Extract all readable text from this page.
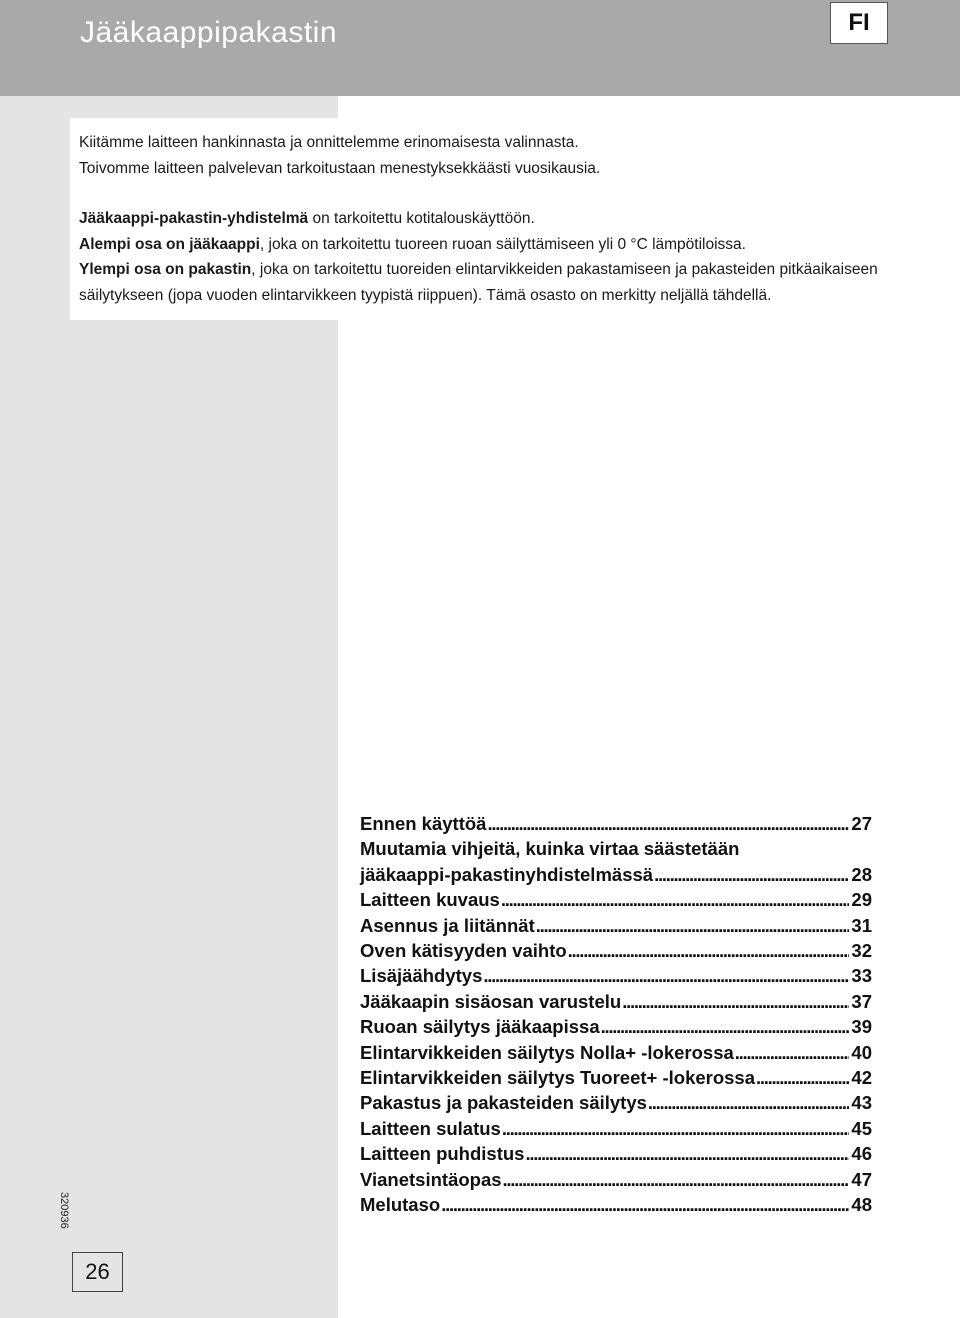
Jääkaappipakastin	FI

Kiitämme laitteen hankinnasta ja onnittelemme erinomaisesta valinnasta.

Toivomme laitteen palvelevan tarkoitustaan menestyksekkäästi vuosikausia.

Jääkaappi-pakastin-yhdistelmä on tarkoitettu kotitalouskäyttöön.

Alempi osa on jääkaappi, joka on tarkoitettu tuoreen ruoan säilyttämiseen yli 0 °C lämpötiloissa.

Ylempi osa on pakastin, joka on tarkoitettu tuoreiden elintarvikkeiden pakastamiseen ja pakasteiden pitkäaikaiseen säilytykseen (jopa vuoden elintarvikkeen tyypistä riippuen). Tämä osasto on merkitty neljällä tähdellä.

Ennen käyttöä . . .	27
Muutamia vihjeitä, kuinka virtaa säästetään
jääkaappi-pakastinyhdistelmässä . . .	28
Laitteen kuvaus . . .	29
Asennus ja liitännät . . .	31
Oven kätisyyden vaihto . . .	32
Lisäjäähdytys . . .	33
Jääkaapin sisäosan varustelu . . .	37
Ruoan säilytys jääkaapissa . . .	39
Elintarvikkeiden säilytys Nolla+ -lokerossa . . .	40
Elintarvikkeiden säilytys Tuoreet+ -lokerossa . . .	42
Pakastus ja pakasteiden säilytys . . .	43
Laitteen sulatus . . .	45
Laitteen puhdistus . . .	46
Vianetsintäopas . . .	47
Melutaso . . .	48
320936
26
